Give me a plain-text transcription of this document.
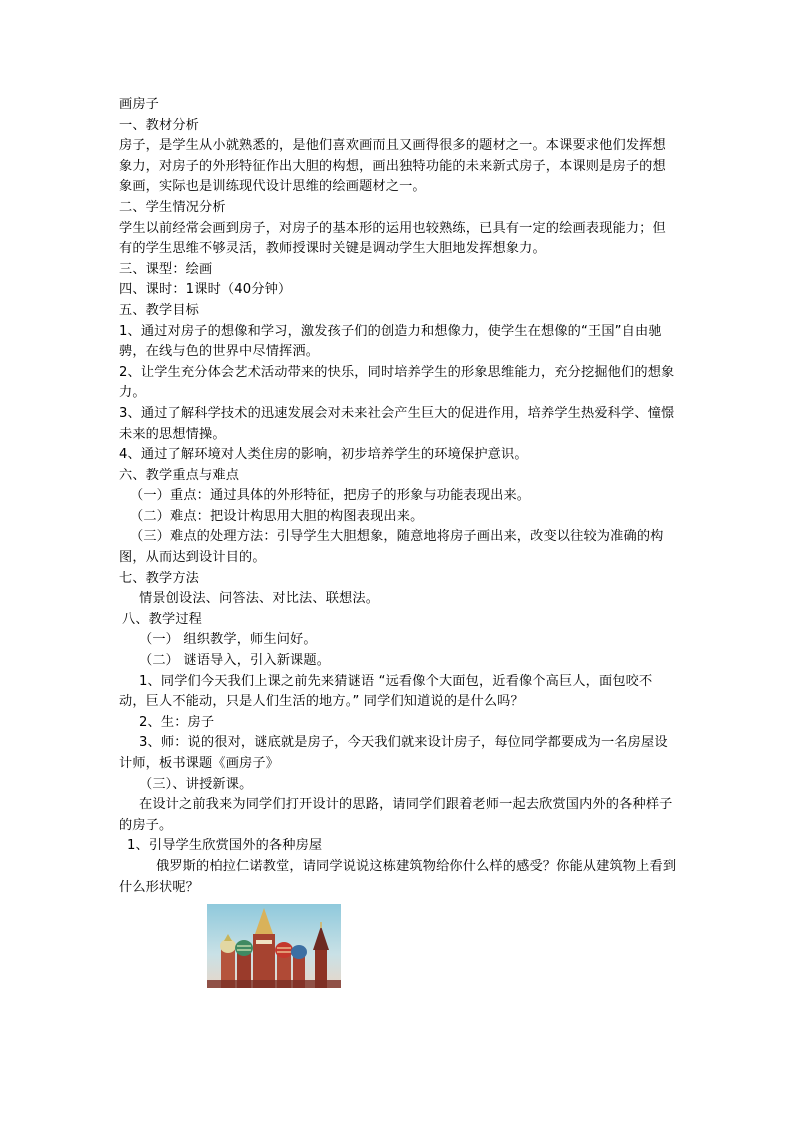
画房子

一、教材分析

房子，是学生从小就熟悉的，是他们喜欢画而且又画得很多的题材之一。本课要求他们发挥想象力，对房子的外形特征作出大胆的构想，画出独特功能的未来新式房子，本课则是房子的想象画，实际也是训练现代设计思维的绘画题材之一。

二、学生情况分析

学生以前经常会画到房子，对房子的基本形的运用也较熟练，已具有一定的绘画表现能力；但有的学生思维不够灵活，教师授课时关键是调动学生大胆地发挥想象力。

三、课型：绘画

四、课时：1课时（40分钟）

五、教学目标

1、通过对房子的想像和学习，激发孩子们的创造力和想像力，使学生在想像的“王国”自由驰骋，在线与色的世界中尽情挥洒。

2、让学生充分体会艺术活动带来的快乐，同时培养学生的形象思维能力，充分挖掘他们的想象力。

3、通过了解科学技术的迅速发展会对未来社会产生巨大的促进作用，培养学生热爱科学、憧憬未来的思想情操。

4、通过了解环境对人类住房的影响，初步培养学生的环境保护意识。

六、教学重点与难点

（一）重点：通过具体的外形特征，把房子的形象与功能表现出来。

（二）难点：把设计构思用大胆的构图表现出来。

（三）难点的处理方法：引导学生大胆想象，随意地将房子画出来，改变以往较为准确的构图，从而达到设计目的。

七、教学方法

情景创设法、问答法、对比法、联想法。

八、教学过程

（一） 组织教学，师生问好。

（二） 谜语导入，引入新课题。

1、同学们今天我们上课之前先来猜谜语 “远看像个大面包，近看像个高巨人，面包咬不动，巨人不能动，只是人们生活的地方。” 同学们知道说的是什么吗？

2、生：房子

3、师：说的很对，谜底就是房子，今天我们就来设计房子，每位同学都要成为一名房屋设计师，板书课题《画房子》

（三）、讲授新课。

在设计之前我来为同学们打开设计的思路，请同学们跟着老师一起去欣赏国内外的各种样子的房子。

1、引导学生欣赏国外的各种房屋

俄罗斯的柏拉仁诺教堂，请同学说说这栋建筑物给你什么样的感受？你能从建筑物上看到什么形状呢？
